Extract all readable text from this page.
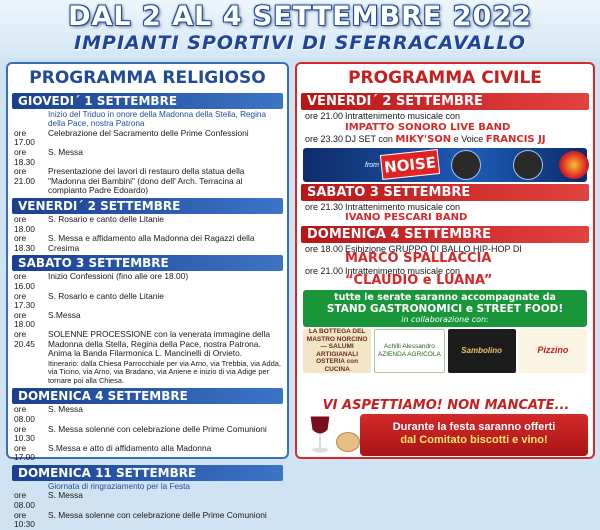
DAL 2 AL 4 SETTEMBRE 2022
IMPIANTI SPORTIVI DI SFERRACAVALLO
PROGRAMMA RELIGIOSO
GIOVEDI´ 1 SETTEMBRE
Inizio del Triduo in onore della Madonna della Stella, Regina della Pace, nostra Patrona
ore 17.00
Celebrazione del Sacramento delle Prime Confessioni
ore 18.30
S. Messa
ore 21.00
Presentazione dei lavori di restauro della statua della "Madonna dei Bambini" (dono dell' Arch. Terracina al compianto Padre Edoardo)
VENERDI´ 2 SETTEMBRE
ore 18.00
S. Rosario e canto delle Litanie
ore 18.30
S. Messa e affidamento alla Madonna dei Ragazzi della Cresima
SABATO 3 SETTEMBRE
ore 16.00
Inizio Confessioni (fino alle ore 18.00)
ore 17.30
S. Rosario e canto delle Litanie
ore 18.00
S.Messa
ore 20.45
SOLENNE PROCESSIONE con la venerata immagine della Madonna della Stella, Regina della Pace, nostra Patrona. Anima la Banda Filarmonica L. Mancinelli di Orvieto.
Itinerario: dalla Chiesa Parrocchiale per via Arno, via Trebbia, via Adda, via Ticino, via Arno, via Bradano, via Aniene e inizio di via Adige per tornare poi alla Chiesa.
DOMENICA 4 SETTEMBRE
ore 08.00
S. Messa
ore 10.30
S. Messa solenne con celebrazione delle Prime Comunioni
ore 17.00
S.Messa e atto di affidamento alla Madonna
DOMENICA 11 SETTEMBRE
Giornata di ringraziamento per la Festa
ore 08.00
S. Messa
ore 10:30
S. Messa solenne con celebrazione delle Prime Comunioni
PROGRAMMA CIVILE
VENERDI´ 2 SETTEMBRE
ore 21.00 Intrattenimento musicale con
IMPATTO SONORO LIVE BAND
ore 23.30 DJ SET con MIKY'SON e Voice FRANCIS JJ
from NOISE
SABATO 3 SETTEMBRE
ore 21.30 Intrattenimento musicale con
IVANO PESCARI BAND
DOMENICA 4 SETTEMBRE
ore 18.00 Esibizione GRUPPO DI BALLO HIP-HOP DI
MARCO SPALLACCIA
ore 21.00 Intrattenimento musicale con
“CLAUDIO e LUANA”
tutte le serate saranno accompagnate da
STAND GASTRONOMICI e STREET FOOD!
in collaborazione con:
LA BOTTEGA DEL MASTRO NORCINO — SALUMI ARTIGIANALI OSTERIA con CUCINA
Achilli Alessandro AZIENDA AGRICOLA	Sambolino	Pizzino
VI ASPETTIAMO! NON MANCATE...
Durante la festa saranno offerti
dal Comitato biscotti e vino!
